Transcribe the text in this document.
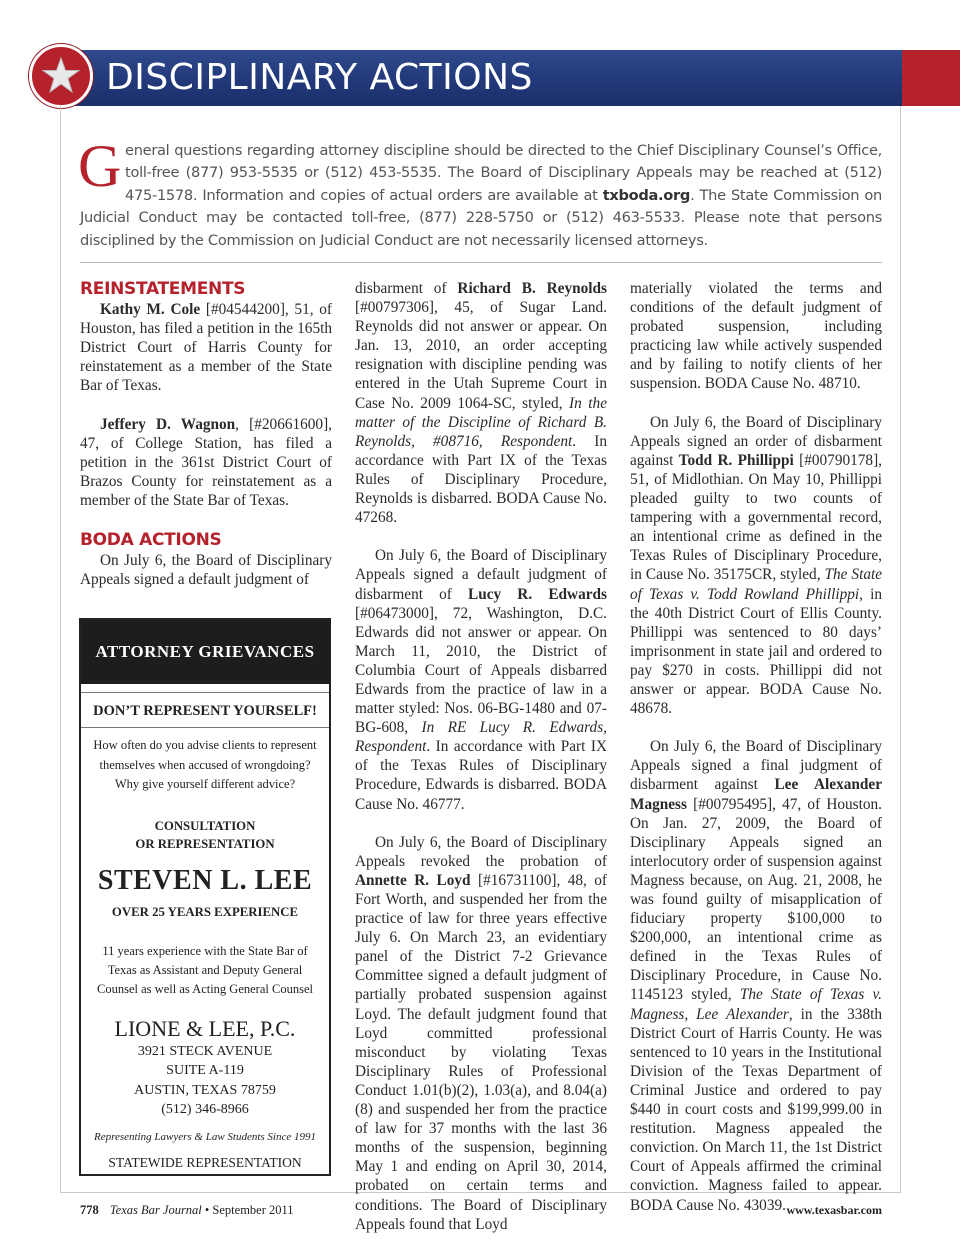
DISCIPLINARY ACTIONS
General questions regarding attorney discipline should be directed to the Chief Disciplinary Counsel’s Office, toll-free (877) 953-5535 or (512) 453-5535. The Board of Disciplinary Appeals may be reached at (512) 475-1578. Information and copies of actual orders are available at txboda.org. The State Commission on Judicial Conduct may be contacted toll-free, (877) 228-5750 or (512) 463-5533. Please note that persons disciplined by the Commission on Judicial Conduct are not necessarily licensed attorneys.
REINSTATEMENTS

Kathy M. Cole [#04544200], 51, of Houston, has filed a petition in the 165th District Court of Harris County for reinstatement as a member of the State Bar of Texas.

Jeffery D. Wagnon, [#20661600], 47, of College Station, has filed a petition in the 361st District Court of Brazos County for reinstatement as a member of the State Bar of Texas.

BODA ACTIONS

On July 6, the Board of Disciplinary Appeals signed a default judgment of

ATTORNEY GRIEVANCES
DON’T REPRESENT YOURSELF!
How often do you advise clients to represent themselves when accused of wrongdoing? Why give yourself different advice?
CONSULTATION
OR REPRESENTATION
STEVEN L. LEE
OVER 25 YEARS EXPERIENCE
11 years experience with the State Bar of Texas as Assistant and Deputy General Counsel as well as Acting General Counsel
LIONE & LEE, P.C.
3921 STECK AVENUE
SUITE A-119
AUSTIN, TEXAS 78759
(512) 346-8966
Representing Lawyers & Law Students Since 1991
STATEWIDE REPRESENTATION

disbarment of Richard B. Reynolds [#00797306], 45, of Sugar Land. Reynolds did not answer or appear. On Jan. 13, 2010, an order accepting resignation with discipline pending was entered in the Utah Supreme Court in Case No. 2009 1064-SC, styled, In the matter of the Discipline of Richard B. Reynolds, #08716, Respondent. In accordance with Part IX of the Texas Rules of Disciplinary Procedure, Reynolds is disbarred. BODA Cause No. 47268.

On July 6, the Board of Disciplinary Appeals signed a default judgment of disbarment of Lucy R. Edwards [#06473000], 72, Washington, D.C. Edwards did not answer or appear. On March 11, 2010, the District of Columbia Court of Appeals disbarred Edwards from the practice of law in a matter styled: Nos. 06-BG-1480 and 07-BG-608, In RE Lucy R. Edwards, Respondent. In accordance with Part IX of the Texas Rules of Disciplinary Procedure, Edwards is disbarred. BODA Cause No. 46777.

On July 6, the Board of Disciplinary Appeals revoked the probation of Annette R. Loyd [#16731100], 48, of Fort Worth, and suspended her from the practice of law for three years effective July 6. On March 23, an evidentiary panel of the District 7-2 Grievance Committee signed a default judgment of partially probated suspension against Loyd. The default judgment found that Loyd committed professional misconduct by violating Texas Disciplinary Rules of Professional Conduct 1.01(b)(2), 1.03(a), and 8.04(a)(8) and suspended her from the practice of law for 37 months with the last 36 months of the suspension, beginning May 1 and ending on April 30, 2014, probated on certain terms and conditions. The Board of Disciplinary Appeals found that Loyd

materially violated the terms and conditions of the default judgment of probated suspension, including practicing law while actively suspended and by failing to notify clients of her suspension. BODA Cause No. 48710.

On July 6, the Board of Disciplinary Appeals signed an order of disbarment against Todd R. Phillippi [#00790178], 51, of Midlothian. On May 10, Phillippi pleaded guilty to two counts of tampering with a governmental record, an intentional crime as defined in the Texas Rules of Disciplinary Procedure, in Cause No. 35175CR, styled, The State of Texas v. Todd Rowland Phillippi, in the 40th District Court of Ellis County. Phillippi was sentenced to 80 days’ imprisonment in state jail and ordered to pay $270 in costs. Phillippi did not answer or appear. BODA Cause No. 48678.

On July 6, the Board of Disciplinary Appeals signed a final judgment of disbarment against Lee Alexander Magness [#00795495], 47, of Houston. On Jan. 27, 2009, the Board of Disciplinary Appeals signed an interlocutory order of suspension against Magness because, on Aug. 21, 2008, he was found guilty of misapplication of fiduciary property $100,000 to $200,000, an intentional crime as defined in the Texas Rules of Disciplinary Procedure, in Cause No. 1145123 styled, The State of Texas v. Magness, Lee Alexander, in the 338th District Court of Harris County. He was sentenced to 10 years in the Institutional Division of the Texas Department of Criminal Justice and ordered to pay $440 in court costs and $199,999.00 in restitution. Magness appealed the conviction. On March 11, the 1st District Court of Appeals affirmed the criminal conviction. Magness failed to appear. BODA Cause No. 43039.

778 Texas Bar Journal • September 2011	www.texasbar.com
